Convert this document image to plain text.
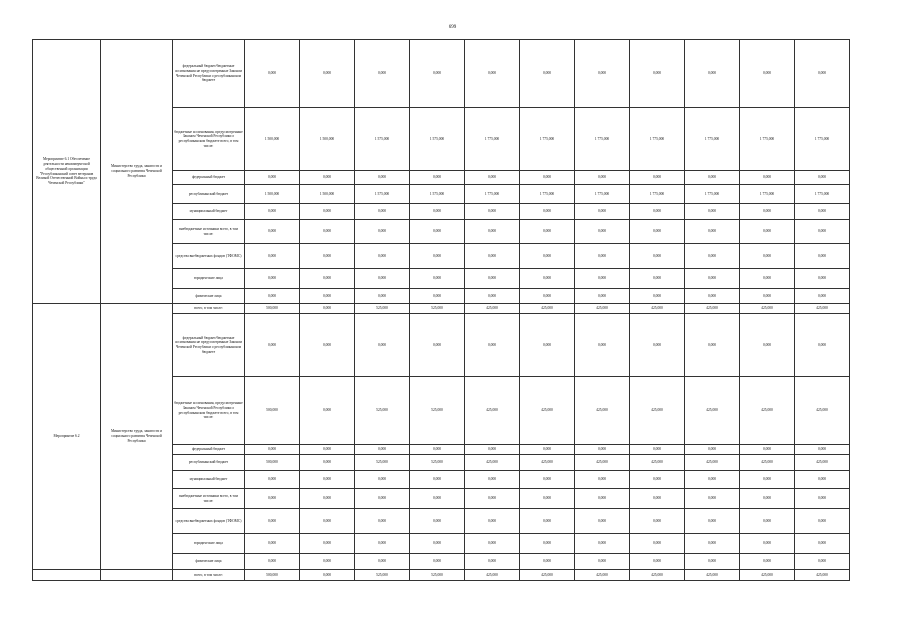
699
Мероприятие 6.1 Обеспечение деятельности некоммерческой общественной организации "Республиканский совет ветеранов Великой Отечественной Войны и труда Чеченской Республики"	Министерство труда, занятости и социального развития Чеченской Республики	федеральный бюджет/бюджетные ассигнования не предусмотренные Законом Чеченской Республики о республиканском бюджете	0,000	0,000	0,000	0,000	0,000	0,000	0,000	0,000	0,000	0,000	0,000
		бюджетные ассигнования, предусмотренные Законом Чеченской Республики о республиканском бюджете всего, в том числе:	1 500,000	1 500,000	1 575,000	1 575,000	1 775,000	1 775,000	1 775,000	1 775,000	1 775,000	1 775,000	1 775,000
		федеральный бюджет	0,000	0,000	0,000	0,000	0,000	0,000	0,000	0,000	0,000	0,000	0,000
		республиканский бюджет	1 500,000	1 500,000	1 575,000	1 575,000	1 775,000	1 775,000	1 775,000	1 775,000	1 775,000	1 775,000	1 775,000
		муниципальный бюджет	0,000	0,000	0,000	0,000	0,000	0,000	0,000	0,000	0,000	0,000	0,000
		внебюджетные источники всего, в том числе:	0,000	0,000	0,000	0,000	0,000	0,000	0,000	0,000	0,000	0,000	0,000
		средства внебюджетных фондов (ТФОМС)	0,000	0,000	0,000	0,000	0,000	0,000	0,000	0,000	0,000	0,000	0,000
		юридические лица	0,000	0,000	0,000	0,000	0,000	0,000	0,000	0,000	0,000	0,000	0,000
		физические лица	0,000	0,000	0,000	0,000	0,000	0,000	0,000	0,000	0,000	0,000	0,000
Мероприятие 6.2	Министерство труда, занятости и социального развития Чеченской Республики	всего, в том числе:	500,000	0,000	525,000	525,000	425,000	425,000	425,000	425,000	425,000	425,000	425,000
		федеральный бюджет/бюджетные ассигнования не предусмотренные Законом Чеченской Республики о республиканском бюджете	0,000	0,000	0,000	0,000	0,000	0,000	0,000	0,000	0,000	0,000	0,000
		бюджетные ассигнования, предусмотренные Законом Чеченской Республики о республиканском бюджете всего, в том числе:	500,000	0,000	525,000	525,000	425,000	425,000	425,000	425,000	425,000	425,000	425,000
		федеральный бюджет	0,000	0,000	0,000	0,000	0,000	0,000	0,000	0,000	0,000	0,000	0,000
		республиканский бюджет	500,000	0,000	525,000	525,000	425,000	425,000	425,000	425,000	425,000	425,000	425,000
		муниципальный бюджет	0,000	0,000	0,000	0,000	0,000	0,000	0,000	0,000	0,000	0,000	0,000
		внебюджетные источники всего, в том числе:	0,000	0,000	0,000	0,000	0,000	0,000	0,000	0,000	0,000	0,000	0,000
		средства внебюджетных фондов (ТФОМС)	0,000	0,000	0,000	0,000	0,000	0,000	0,000	0,000	0,000	0,000	0,000
		юридические лица	0,000	0,000	0,000	0,000	0,000	0,000	0,000	0,000	0,000	0,000	0,000
		физические лица	0,000	0,000	0,000	0,000	0,000	0,000	0,000	0,000	0,000	0,000	0,000
		всего, в том числе:	500,000	0,000	525,000	525,000	425,000	425,000	425,000	425,000	425,000	425,000	425,000
